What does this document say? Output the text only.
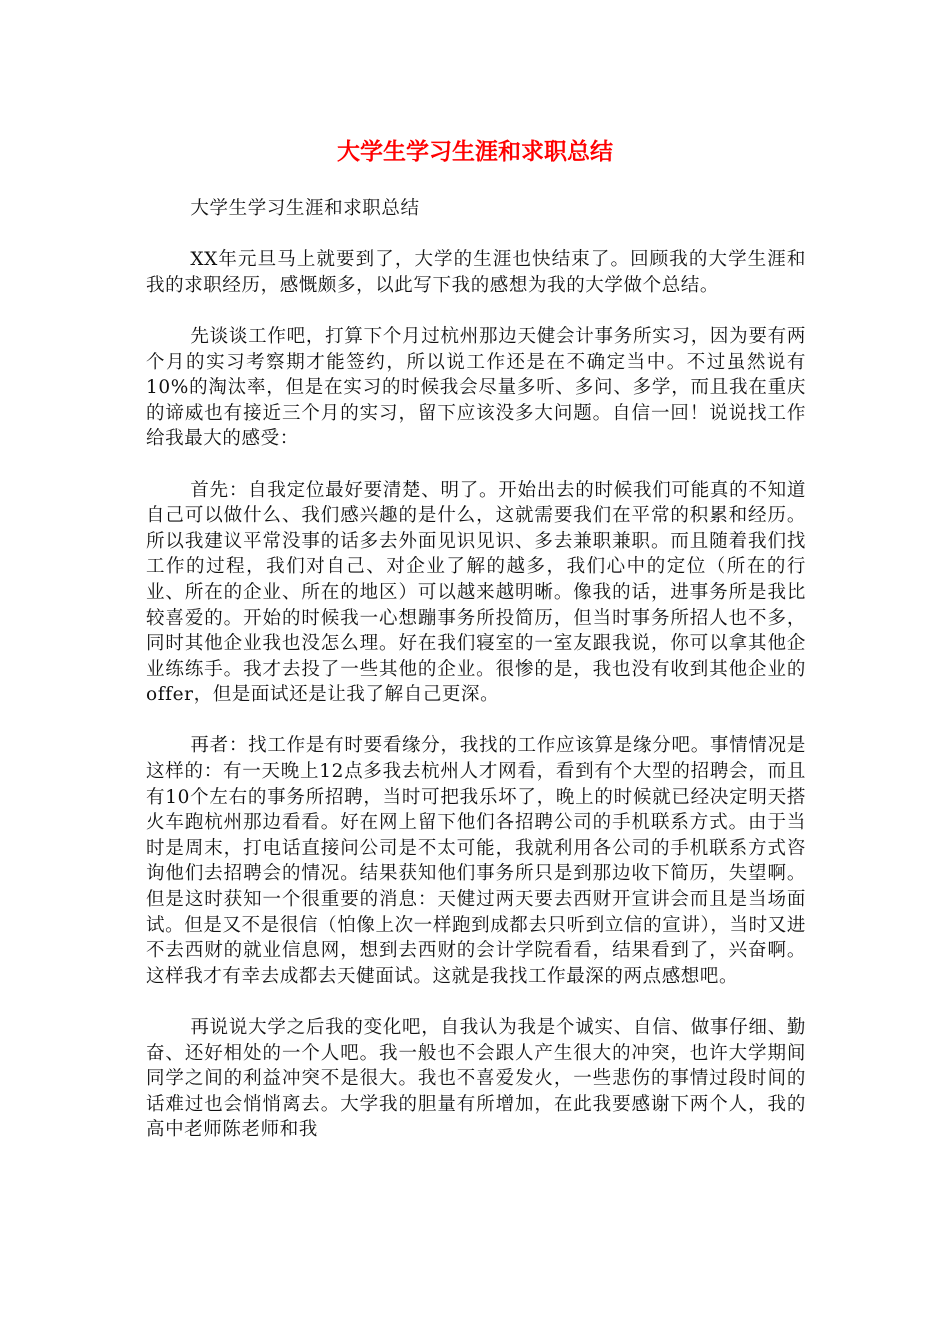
大学生学习生涯和求职总结

大学生学习生涯和求职总结

XX年元旦马上就要到了，大学的生涯也快结束了。回顾我的大学生涯和我的求职经历，感慨颇多，以此写下我的感想为我的大学做个总结。

先谈谈工作吧，打算下个月过杭州那边天健会计事务所实习，因为要有两个月的实习考察期才能签约，所以说工作还是在不确定当中。不过虽然说有10%的淘汰率，但是在实习的时候我会尽量多听、多问、多学，而且我在重庆的谛威也有接近三个月的实习，留下应该没多大问题。自信一回！说说找工作给我最大的感受：

首先：自我定位最好要清楚、明了。开始出去的时候我们可能真的不知道自己可以做什么、我们感兴趣的是什么，这就需要我们在平常的积累和经历。所以我建议平常没事的话多去外面见识见识、多去兼职兼职。而且随着我们找工作的过程，我们对自己、对企业了解的越多，我们心中的定位（所在的行业、所在的企业、所在的地区）可以越来越明晰。像我的话，进事务所是我比较喜爱的。开始的时候我一心想蹦事务所投简历，但当时事务所招人也不多，同时其他企业我也没怎么理。好在我们寝室的一室友跟我说，你可以拿其他企业练练手。我才去投了一些其他的企业。很惨的是，我也没有收到其他企业的offer，但是面试还是让我了解自己更深。

再者：找工作是有时要看缘分，我找的工作应该算是缘分吧。事情情况是这样的：有一天晚上12点多我去杭州人才网看，看到有个大型的招聘会，而且有10个左右的事务所招聘，当时可把我乐坏了，晚上的时候就已经决定明天搭火车跑杭州那边看看。好在网上留下他们各招聘公司的手机联系方式。由于当时是周末，打电话直接问公司是不太可能，我就利用各公司的手机联系方式咨询他们去招聘会的情况。结果获知他们事务所只是到那边收下简历，失望啊。但是这时获知一个很重要的消息：天健过两天要去西财开宣讲会而且是当场面试。但是又不是很信（怕像上次一样跑到成都去只听到立信的宣讲），当时又进不去西财的就业信息网，想到去西财的会计学院看看，结果看到了，兴奋啊。这样我才有幸去成都去天健面试。这就是我找工作最深的两点感想吧。

再说说大学之后我的变化吧，自我认为我是个诚实、自信、做事仔细、勤奋、还好相处的一个人吧。我一般也不会跟人产生很大的冲突，也许大学期间同学之间的利益冲突不是很大。我也不喜爱发火，一些悲伤的事情过段时间的话难过也会悄悄离去。大学我的胆量有所增加，在此我要感谢下两个人，我的高中老师陈老师和我
